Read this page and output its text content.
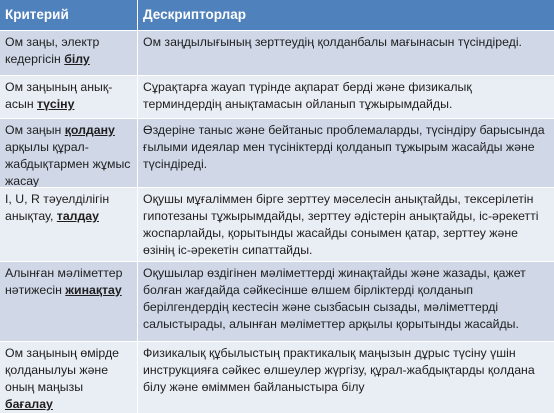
Критерий	Дескрипторлар
Ом заңы, электр кедергісін білу
Ом заңдылығының зерттеудің қолданбалы мағынасын түсіндіреді.
Ом заңының анық-асын түсіну
Сұрақтарға жауап түрінде ақпарат берді және физикалық терминдердің анықтамасын ойланып тұжырымдайды.
Ом заңын қолдану арқылы құрал-жабдықтармен жұмыс жасау
Өздеріне таныс және бейтаныс проблемаларды, түсіндіру барысында ғылыми идеялар мен түсініктерді қолданып тұжырым жасайды және түсіндіреді.
I, U, R тәуелділігін анықтау, талдау
Оқушы мұғаліммен бірге зерттеу мәселесін анықтайды, тексерілетін гипотезаны тұжырымдайды, зерттеу әдістерін анықтайды, іс-әрекетті жоспарлайды, қорытынды жасайды сонымен қатар, зерттеу және өзінің іс-әрекетін сипаттайды.
Алынған мәліметтер нәтижесін жинақтау
Оқушылар өздігінен мәліметтерді жинақтайды және жазады, қажет болған жағдайда сәйкесінше өлшем бірліктерді қолданып берілгендердің кестесін және сызбасын сызады, мәліметтерді салыстырады, алынған мәліметтер арқылы қорытынды жасайды.
Ом заңының өмірде қолданылуы және оның маңызы бағалау
Физикалық құбылыстың практикалық маңызын дұрыс түсіну үшін инструкцияға сәйкес өлшеулер жүргізу, құрал-жабдықтарды қолдана білу және өміммен байланыстыра білу
